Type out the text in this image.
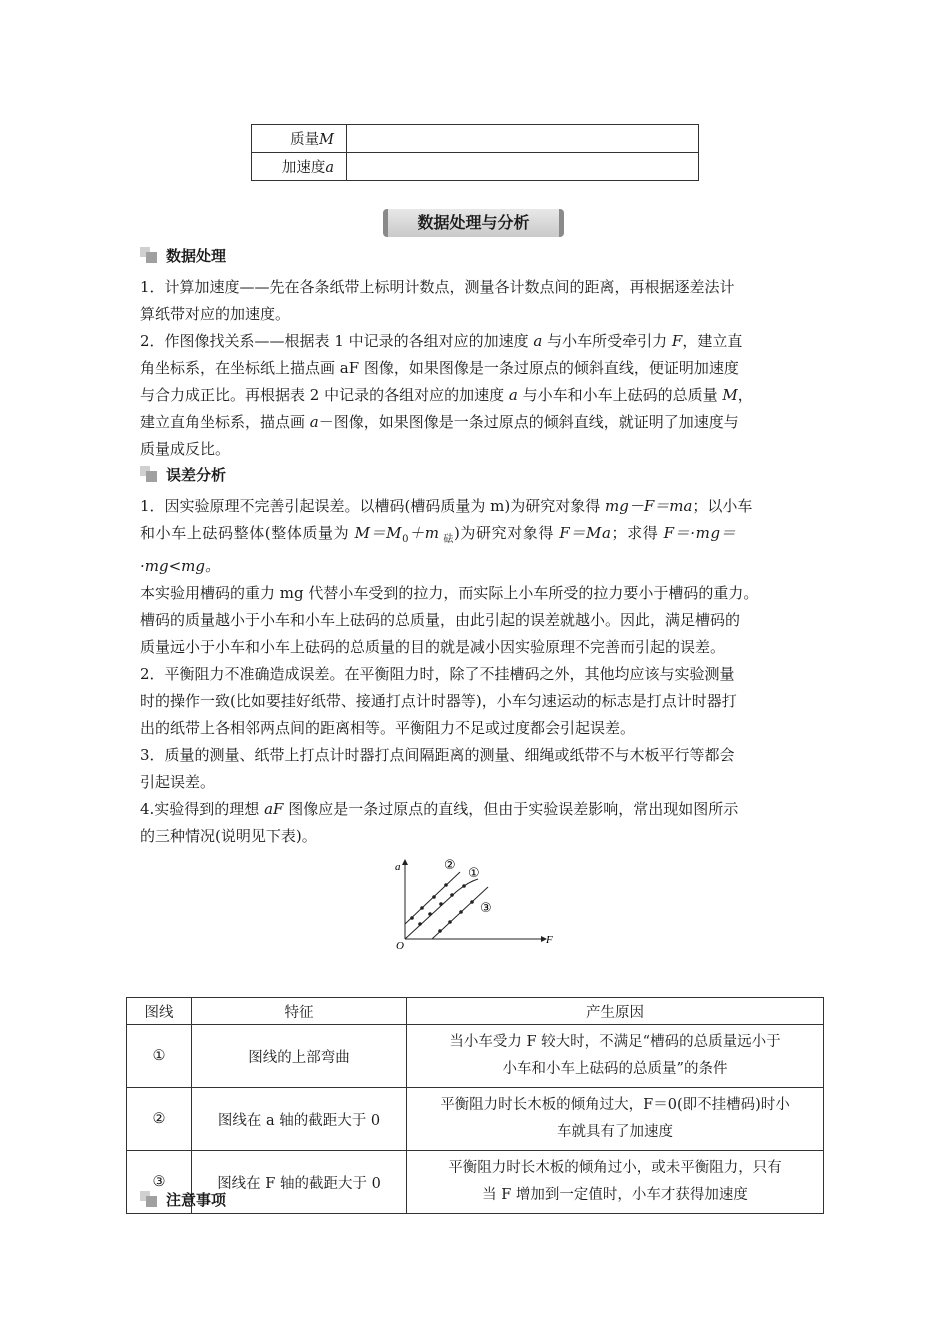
质量M	
加速度a	
数据处理与分析
数据处理
1．计算加速度——先在各条纸带上标明计数点，测量各计数点间的距离，再根据逐差法计
算纸带对应的加速度。
2．作图像找关系——根据表 1 中记录的各组对应的加速度 a 与小车所受牵引力 F，建立直
角坐标系，在坐标纸上描点画 aF 图像，如果图像是一条过原点的倾斜直线，便证明加速度
与合力成正比。再根据表 2 中记录的各组对应的加速度 a 与小车和小车上砝码的总质量 M，
建立直角坐标系，描点画 a－图像，如果图像是一条过原点的倾斜直线，就证明了加速度与
质量成反比。
误差分析
1．因实验原理不完善引起误差。以槽码(槽码质量为 m)为研究对象得 mg－F＝ma；以小车
和小车上砝码整体(整体质量为 $M=M_0+m$ $_砝$)为研究对象得 F＝Ma；求得 F＝·mg＝
·mg<mg。
本实验用槽码的重力 mg 代替小车受到的拉力，而实际上小车所受的拉力要小于槽码的重力。
槽码的质量越小于小车和小车上砝码的总质量，由此引起的误差就越小。因此，满足槽码的
质量远小于小车和小车上砝码的总质量的目的就是减小因实验原理不完善而引起的误差。
2．平衡阻力不准确造成误差。在平衡阻力时，除了不挂槽码之外，其他均应该与实验测量
时的操作一致(比如要挂好纸带、接通打点计时器等)，小车匀速运动的标志是打点计时器打
出的纸带上各相邻两点间的距离相等。平衡阻力不足或过度都会引起误差。
3．质量的测量、纸带上打点计时器打点间隔距离的测量、细绳或纸带不与木板平行等都会
引起误差。
4.实验得到的理想 aF 图像应是一条过原点的直线，但由于实验误差影响，常出现如图所示
的三种情况(说明见下表)。
a
F
O
②
①
③
图线	特征	产生原因
①	图线的上部弯曲	当小车受力 F 较大时，不满足“槽码的总质量远小于
小车和小车上砝码的总质量”的条件

②	图线在 a 轴的截距大于 0	平衡阻力时长木板的倾角过大，F＝0(即不挂槽码)时小
车就具有了加速度

③	图线在 F 轴的截距大于 0	平衡阻力时长木板的倾角过小，或未平衡阻力，只有
当 F 增加到一定值时，小车才获得加速度
注意事项
